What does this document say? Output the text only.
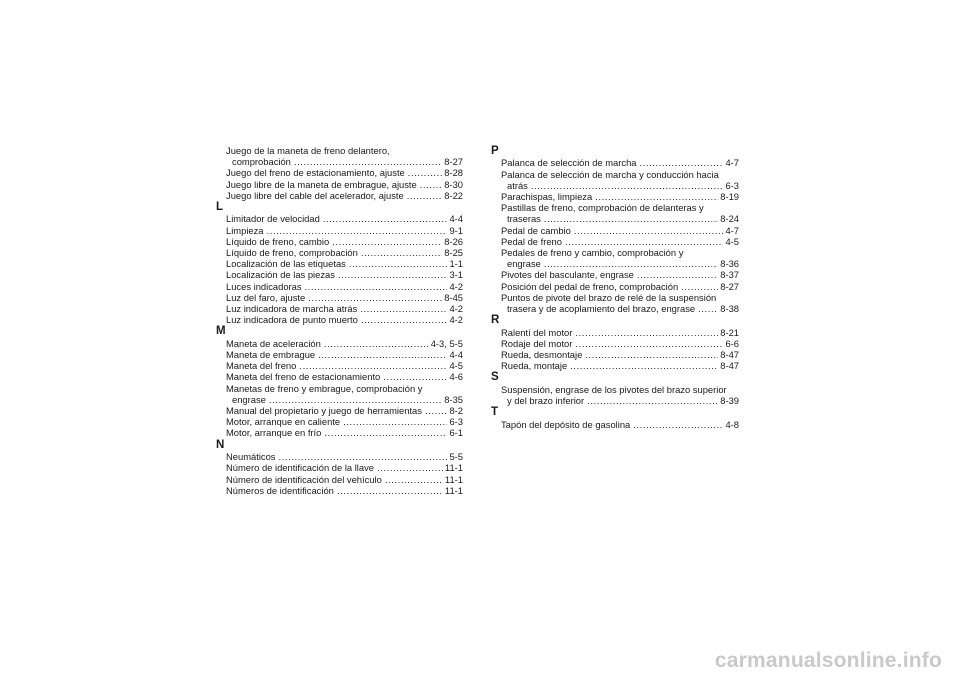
Juego de la maneta de freno delantero,
comprobación .....	8-27
Juego del freno de estacionamiento, ajuste .....	8-28
Juego libre de la maneta de embrague, ajuste .....	8-30
Juego libre del cable del acelerador, ajuste .....	8-22
L
Limitador de velocidad .....	4-4
Limpieza .....	9-1
Líquido de freno, cambio .....	8-26
Líquido de freno, comprobación .....	8-25
Localización de las etiquetas .....	1-1
Localización de las piezas .....	3-1
Luces indicadoras .....	4-2
Luz del faro, ajuste .....	8-45
Luz indicadora de marcha atrás .....	4-2
Luz indicadora de punto muerto .....	4-2
M
Maneta de aceleración .....	4-3, 5-5
Maneta de embrague .....	4-4
Maneta del freno .....	4-5
Maneta del freno de estacionamiento .....	4-6
Manetas de freno y embrague, comprobación y
engrase .....	8-35
Manual del propietario y juego de herramientas .....	8-2
Motor, arranque en caliente .....	6-3
Motor, arranque en frío .....	6-1
N
Neumáticos .....	5-5
Número de identificación de la llave .....	11-1
Número de identificación del vehículo .....	11-1
Números de identificación .....	11-1
P
Palanca de selección de marcha .....	4-7
Palanca de selección de marcha y conducción hacia
atrás .....	6-3
Parachispas, limpieza .....	8-19
Pastillas de freno, comprobación de delanteras y
traseras .....	8-24
Pedal de cambio .....	4-7
Pedal de freno .....	4-5
Pedales de freno y cambio, comprobación y
engrase .....	8-36
Pivotes del basculante, engrase .....	8-37
Posición del pedal de freno, comprobación .....	8-27
Puntos de pivote del brazo de relé de la suspensión
trasera y de acoplamiento del brazo, engrase .....	8-38
R
Ralentí del motor .....	8-21
Rodaje del motor .....	6-6
Rueda, desmontaje .....	8-47
Rueda, montaje .....	8-47
S
Suspensión, engrase de los pivotes del brazo superior
y del brazo inferior .....	8-39
T
Tapón del depósito de gasolina .....	4-8
carmanualsonline.info
